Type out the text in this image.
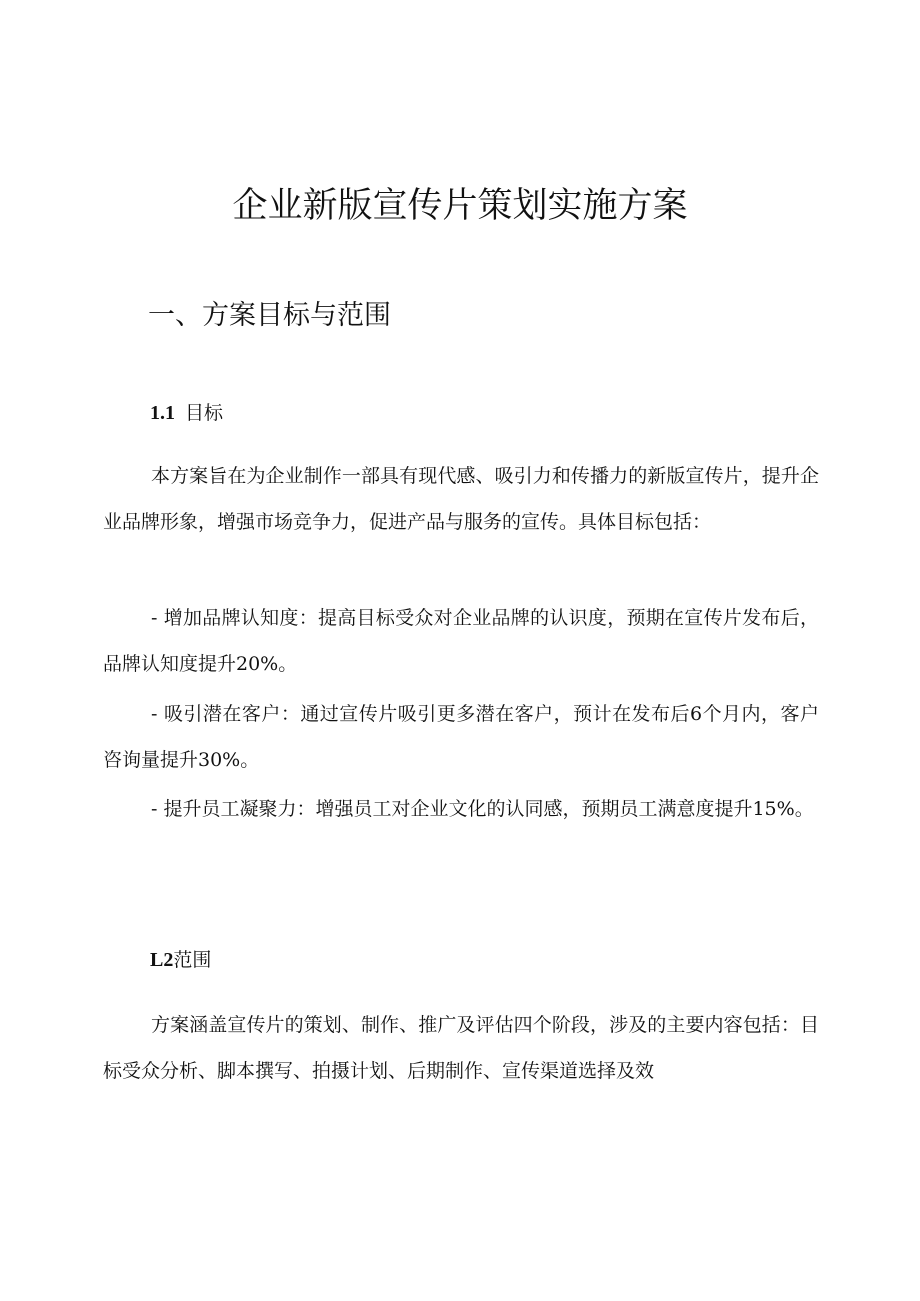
企业新版宣传片策划实施方案
一、方案目标与范围
1.1 目标

本方案旨在为企业制作一部具有现代感、吸引力和传播力的新版宣传片，提升企业品牌形象，增强市场竞争力，促进产品与服务的宣传。具体目标包括：

- 增加品牌认知度：提高目标受众对企业品牌的认识度，预期在宣传片发布后，品牌认知度提升20%。

- 吸引潜在客户：通过宣传片吸引更多潜在客户，预计在发布后6个月内，客户咨询量提升30%。

- 提升员工凝聚力：增强员工对企业文化的认同感，预期员工满意度提升15%。

L2范围

方案涵盖宣传片的策划、制作、推广及评估四个阶段，涉及的主要内容包括：目标受众分析、脚本撰写、拍摄计划、后期制作、宣传渠道选择及效
